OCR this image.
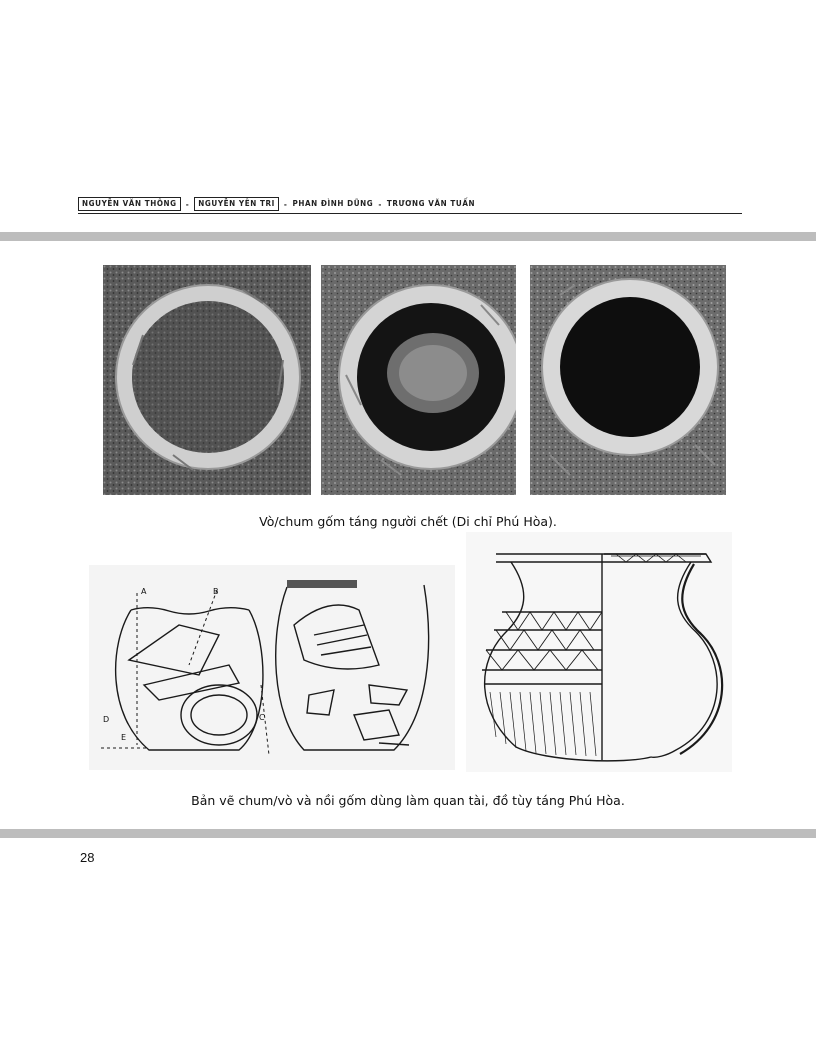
NGUYỄN VĂN THÔNG	-	NGUYỄN YÊN TRI	- PHAN ĐÌNH DŨNG - TRƯƠNG VĂN TUẤN
Vò/chum gốm táng người chết (Di chỉ Phú Hòa).
A	B
C
D
E
Bản vẽ chum/vò và nồi gốm dùng làm quan tài, đồ tùy táng Phú Hòa.
28
